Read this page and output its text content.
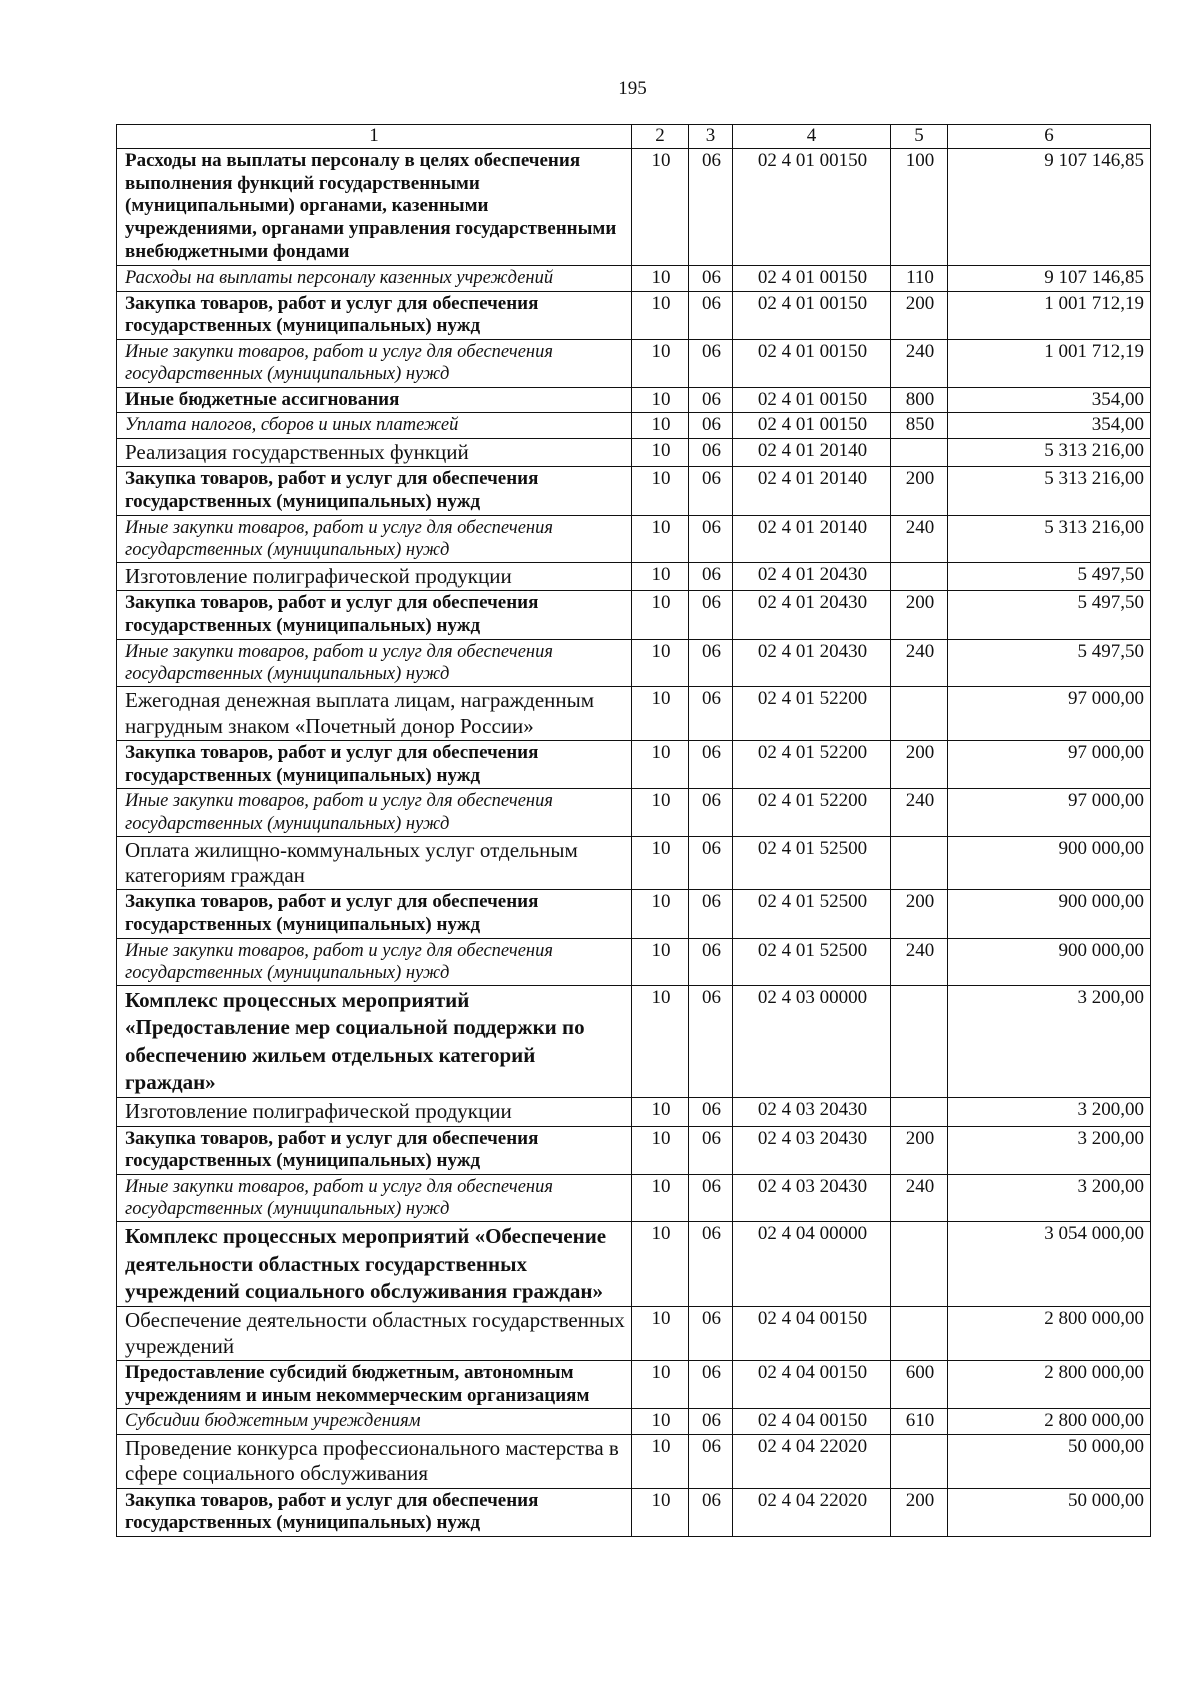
195
1	2	3	4	5	6
Расходы на выплаты персоналу в целях обеспечения выполнения функций государственными (муниципальными) органами, казенными учреждениями, органами управления государственными внебюджетными фондами	10	06	02 4 01 00150	100	9 107 146,85
Расходы на выплаты персоналу казенных учреждений	10	06	02 4 01 00150	110	9 107 146,85
Закупка товаров, работ и услуг для обеспечения государственных (муниципальных) нужд	10	06	02 4 01 00150	200	1 001 712,19
Иные закупки товаров, работ и услуг для обеспечения государственных (муниципальных) нужд	10	06	02 4 01 00150	240	1 001 712,19
Иные бюджетные ассигнования	10	06	02 4 01 00150	800	354,00
Уплата налогов, сборов и иных платежей	10	06	02 4 01 00150	850	354,00
Реализация государственных функций	10	06	02 4 01 20140		5 313 216,00
Закупка товаров, работ и услуг для обеспечения государственных (муниципальных) нужд	10	06	02 4 01 20140	200	5 313 216,00
Иные закупки товаров, работ и услуг для обеспечения государственных (муниципальных) нужд	10	06	02 4 01 20140	240	5 313 216,00
Изготовление полиграфической продукции	10	06	02 4 01 20430		5 497,50
Закупка товаров, работ и услуг для обеспечения государственных (муниципальных) нужд	10	06	02 4 01 20430	200	5 497,50
Иные закупки товаров, работ и услуг для обеспечения государственных (муниципальных) нужд	10	06	02 4 01 20430	240	5 497,50
Ежегодная денежная выплата лицам, награжденным нагрудным знаком «Почетный донор России»	10	06	02 4 01 52200		97 000,00
Закупка товаров, работ и услуг для обеспечения государственных (муниципальных) нужд	10	06	02 4 01 52200	200	97 000,00
Иные закупки товаров, работ и услуг для обеспечения государственных (муниципальных) нужд	10	06	02 4 01 52200	240	97 000,00
Оплата жилищно-коммунальных услуг отдельным категориям граждан	10	06	02 4 01 52500		900 000,00
Закупка товаров, работ и услуг для обеспечения государственных (муниципальных) нужд	10	06	02 4 01 52500	200	900 000,00
Иные закупки товаров, работ и услуг для обеспечения государственных (муниципальных) нужд	10	06	02 4 01 52500	240	900 000,00
Комплекс процессных мероприятий «Предоставление мер социальной поддержки по обеспечению жильем отдельных категорий граждан»	10	06	02 4 03 00000		3 200,00
Изготовление полиграфической продукции	10	06	02 4 03 20430		3 200,00
Закупка товаров, работ и услуг для обеспечения государственных (муниципальных) нужд	10	06	02 4 03 20430	200	3 200,00
Иные закупки товаров, работ и услуг для обеспечения государственных (муниципальных) нужд	10	06	02 4 03 20430	240	3 200,00
Комплекс процессных мероприятий «Обеспечение деятельности областных государственных учреждений социального обслуживания граждан»	10	06	02 4 04 00000		3 054 000,00
Обеспечение деятельности областных государственных учреждений	10	06	02 4 04 00150		2 800 000,00
Предоставление субсидий бюджетным, автономным учреждениям и иным некоммерческим организациям	10	06	02 4 04 00150	600	2 800 000,00
Субсидии бюджетным учреждениям	10	06	02 4 04 00150	610	2 800 000,00
Проведение конкурса профессионального мастерства в сфере социального обслуживания	10	06	02 4 04 22020		50 000,00
Закупка товаров, работ и услуг для обеспечения государственных (муниципальных) нужд	10	06	02 4 04 22020	200	50 000,00
